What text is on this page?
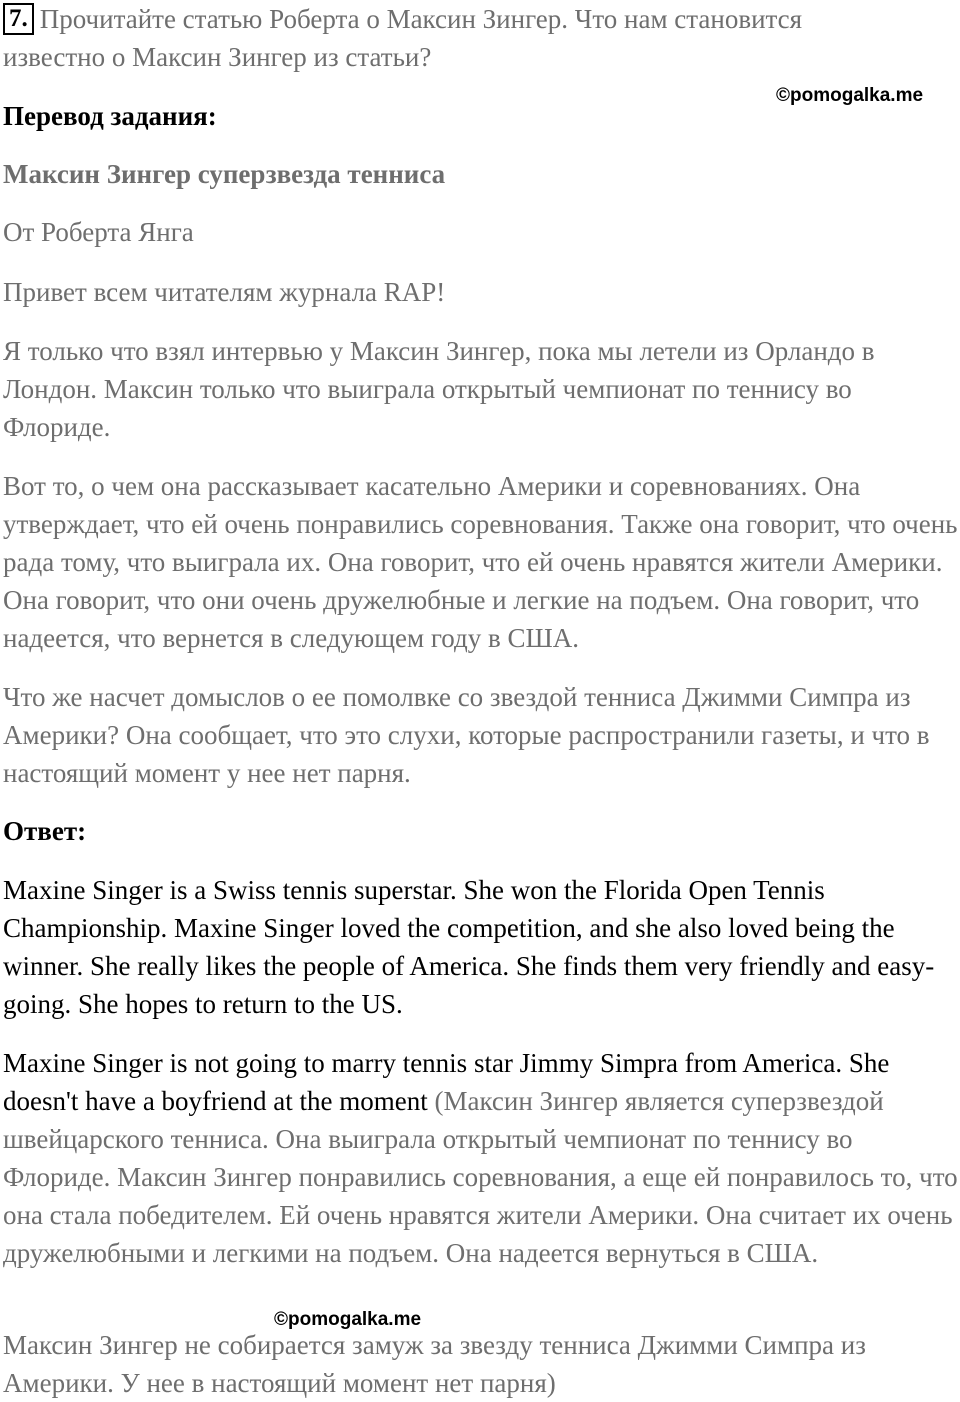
7. Прочитайте статью Роберта о Максин Зингер. Что нам становится
известно о Максин Зингер из статьи?
©pomogalka.me
Перевод задания:
Максин Зингер суперзвезда тенниса
От Роберта Янга
Привет всем читателям журнала RAP!

Я только что взял интервью у Максин Зингер, пока мы летели из Орландо в Лондон. Максин только что выиграла открытый чемпионат по теннису во Флориде.

Вот то, о чем она рассказывает касательно Америки и соревнованиях. Она утверждает, что ей очень понравились соревнования. Также она говорит, что очень рада тому, что выиграла их. Она говорит, что ей очень нравятся жители Америки. Она говорит, что они очень дружелюбные и легкие на подъем. Она говорит, что надеется, что вернется в следующем году в США.

Что же насчет домыслов о ее помолвке со звездой тенниса Джимми Симпра из Америки? Она сообщает, что это слухи, которые распространили газеты, и что в настоящий момент у нее нет парня.

Ответ:

Maxine Singer is a Swiss tennis superstar. She won the Florida Open Tennis Championship. Maxine Singer loved the competition, and she also loved being the winner. She really likes the people of America. She finds them very friendly and easy-going. She hopes to return to the US.

Maxine Singer is not going to marry tennis star Jimmy Simpra from America. She doesn't have a boyfriend at the moment (Максин Зингер является суперзвездой швейцарского тенниса. Она выиграла открытый чемпионат по теннису во Флориде. Максин Зингер понравились соревнования, а еще ей понравилось то, что она стала победителем. Ей очень нравятся жители Америки. Она считает их очень дружелюбными и легкими на подъем. Она надеется вернуться в США.

©pomogalka.me

Максин Зингер не собирается замуж за звезду тенниса Джимми Симпра из Америки. У нее в настоящий момент нет парня)
